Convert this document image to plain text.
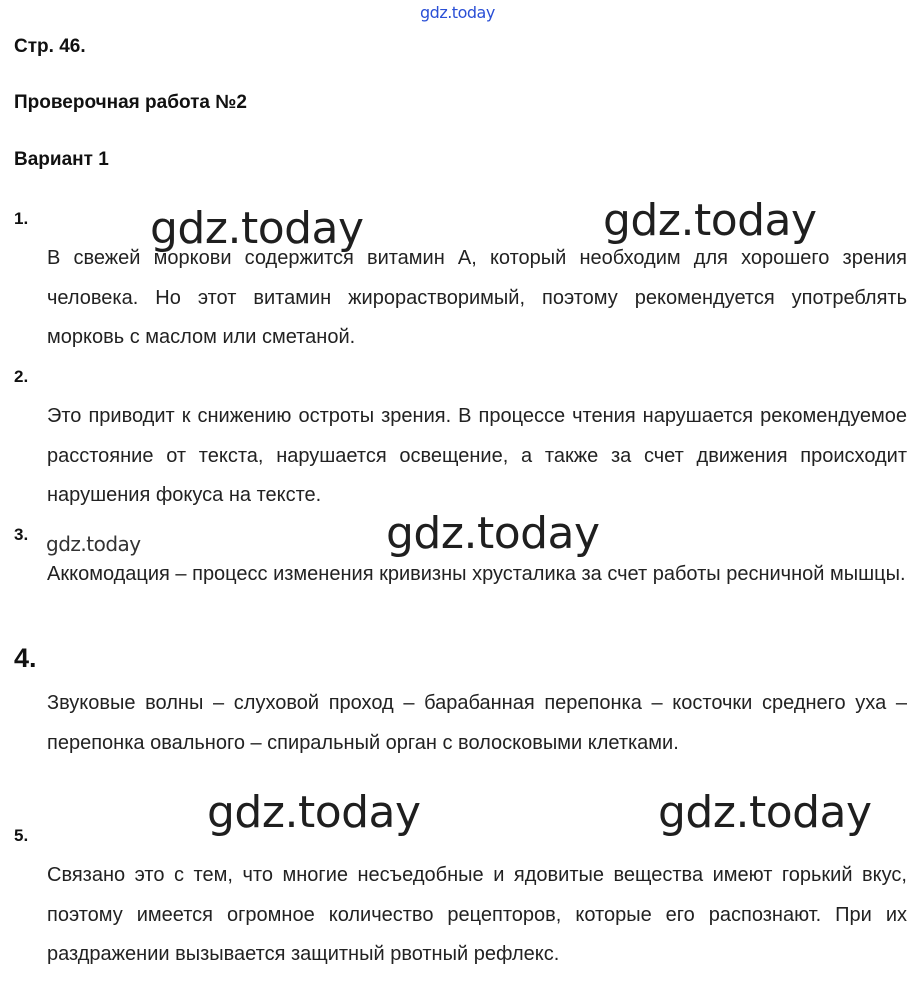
gdz.today
Стр. 46.
Проверочная работа №2
Вариант 1
1.
В свежей моркови содержится витамин А, который необходим для хорошего зрения человека. Но этот витамин жирорастворимый, поэтому рекомендуется употреблять морковь с маслом или сметаной.
2.
Это приводит к снижению остроты зрения. В процессе чтения нарушается рекомендуемое расстояние от текста, нарушается освещение, а также за счет движения происходит нарушения фокуса на тексте.
3.
Аккомодация – процесс изменения кривизны хрусталика за счет работы ресничной мышцы.
4.
Звуковые волны – слуховой проход – барабанная перепонка – косточки среднего уха – перепонка овального – спиральный орган с волосковыми клетками.
5.
Связано это с тем, что многие несъедобные и ядовитые вещества имеют горький вкус, поэтому имеется огромное количество рецепторов, которые его распознают. При их раздражении вызывается защитный рвотный рефлекс.
gdz.today	gdz.today
gdz.today	gdz.today
gdz.today	gdz.today
